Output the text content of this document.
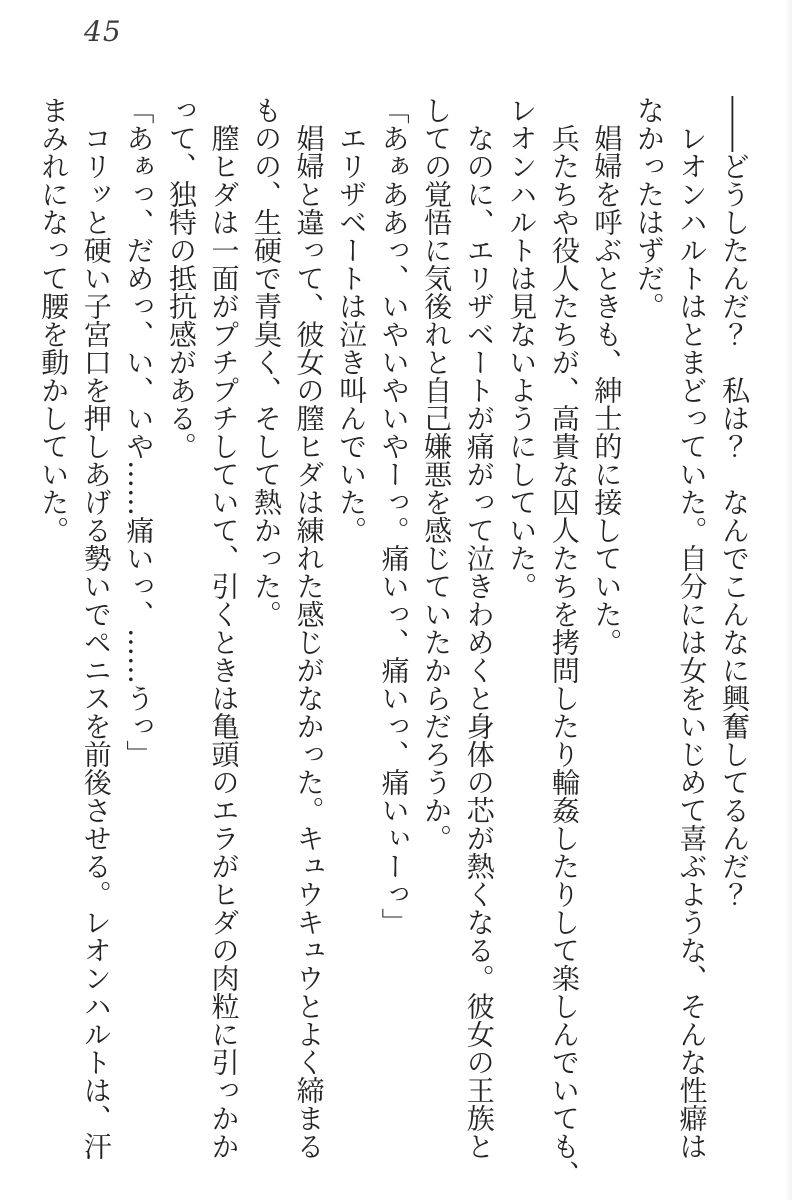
45
――どうしたんだ？　私は？　なんでこんなに興奮してるんだ？
　レオンハルトはとまどっていた。自分には女をいじめて喜ぶような、そんな性癖は
なかったはずだ。
　娼婦を呼ぶときも、紳士的に接していた。
　兵たちや役人たちが、高貴な囚人たちを拷問したり輪姦したりして楽しんでいても、
レオンハルトは見ないようにしていた。
　なのに、エリザベートが痛がって泣きわめくと身体の芯が熱くなる。彼女の王族と
しての覚悟に気後れと自己嫌悪を感じていたからだろうか。
「あぁああっ、いやいやいやーっ。痛いっ、痛いっ、痛いぃーっ」
　エリザベートは泣き叫んでいた。
　娼婦と違って、彼女の膣ヒダは練れた感じがなかった。キュウキュウとよく締まる
ものの、生硬で青臭く、そして熱かった。
　膣ヒダは一面がプチプチしていて、引くときは亀頭のエラがヒダの肉粒に引っかか
って、独特の抵抗感がある。
「あぁっ、だめっ、い、いや……痛いっ、……うっ」
　コリッと硬い子宮口を押しあげる勢いでペニスを前後させる。レオンハルトは、汗
まみれになって腰を動かしていた。
